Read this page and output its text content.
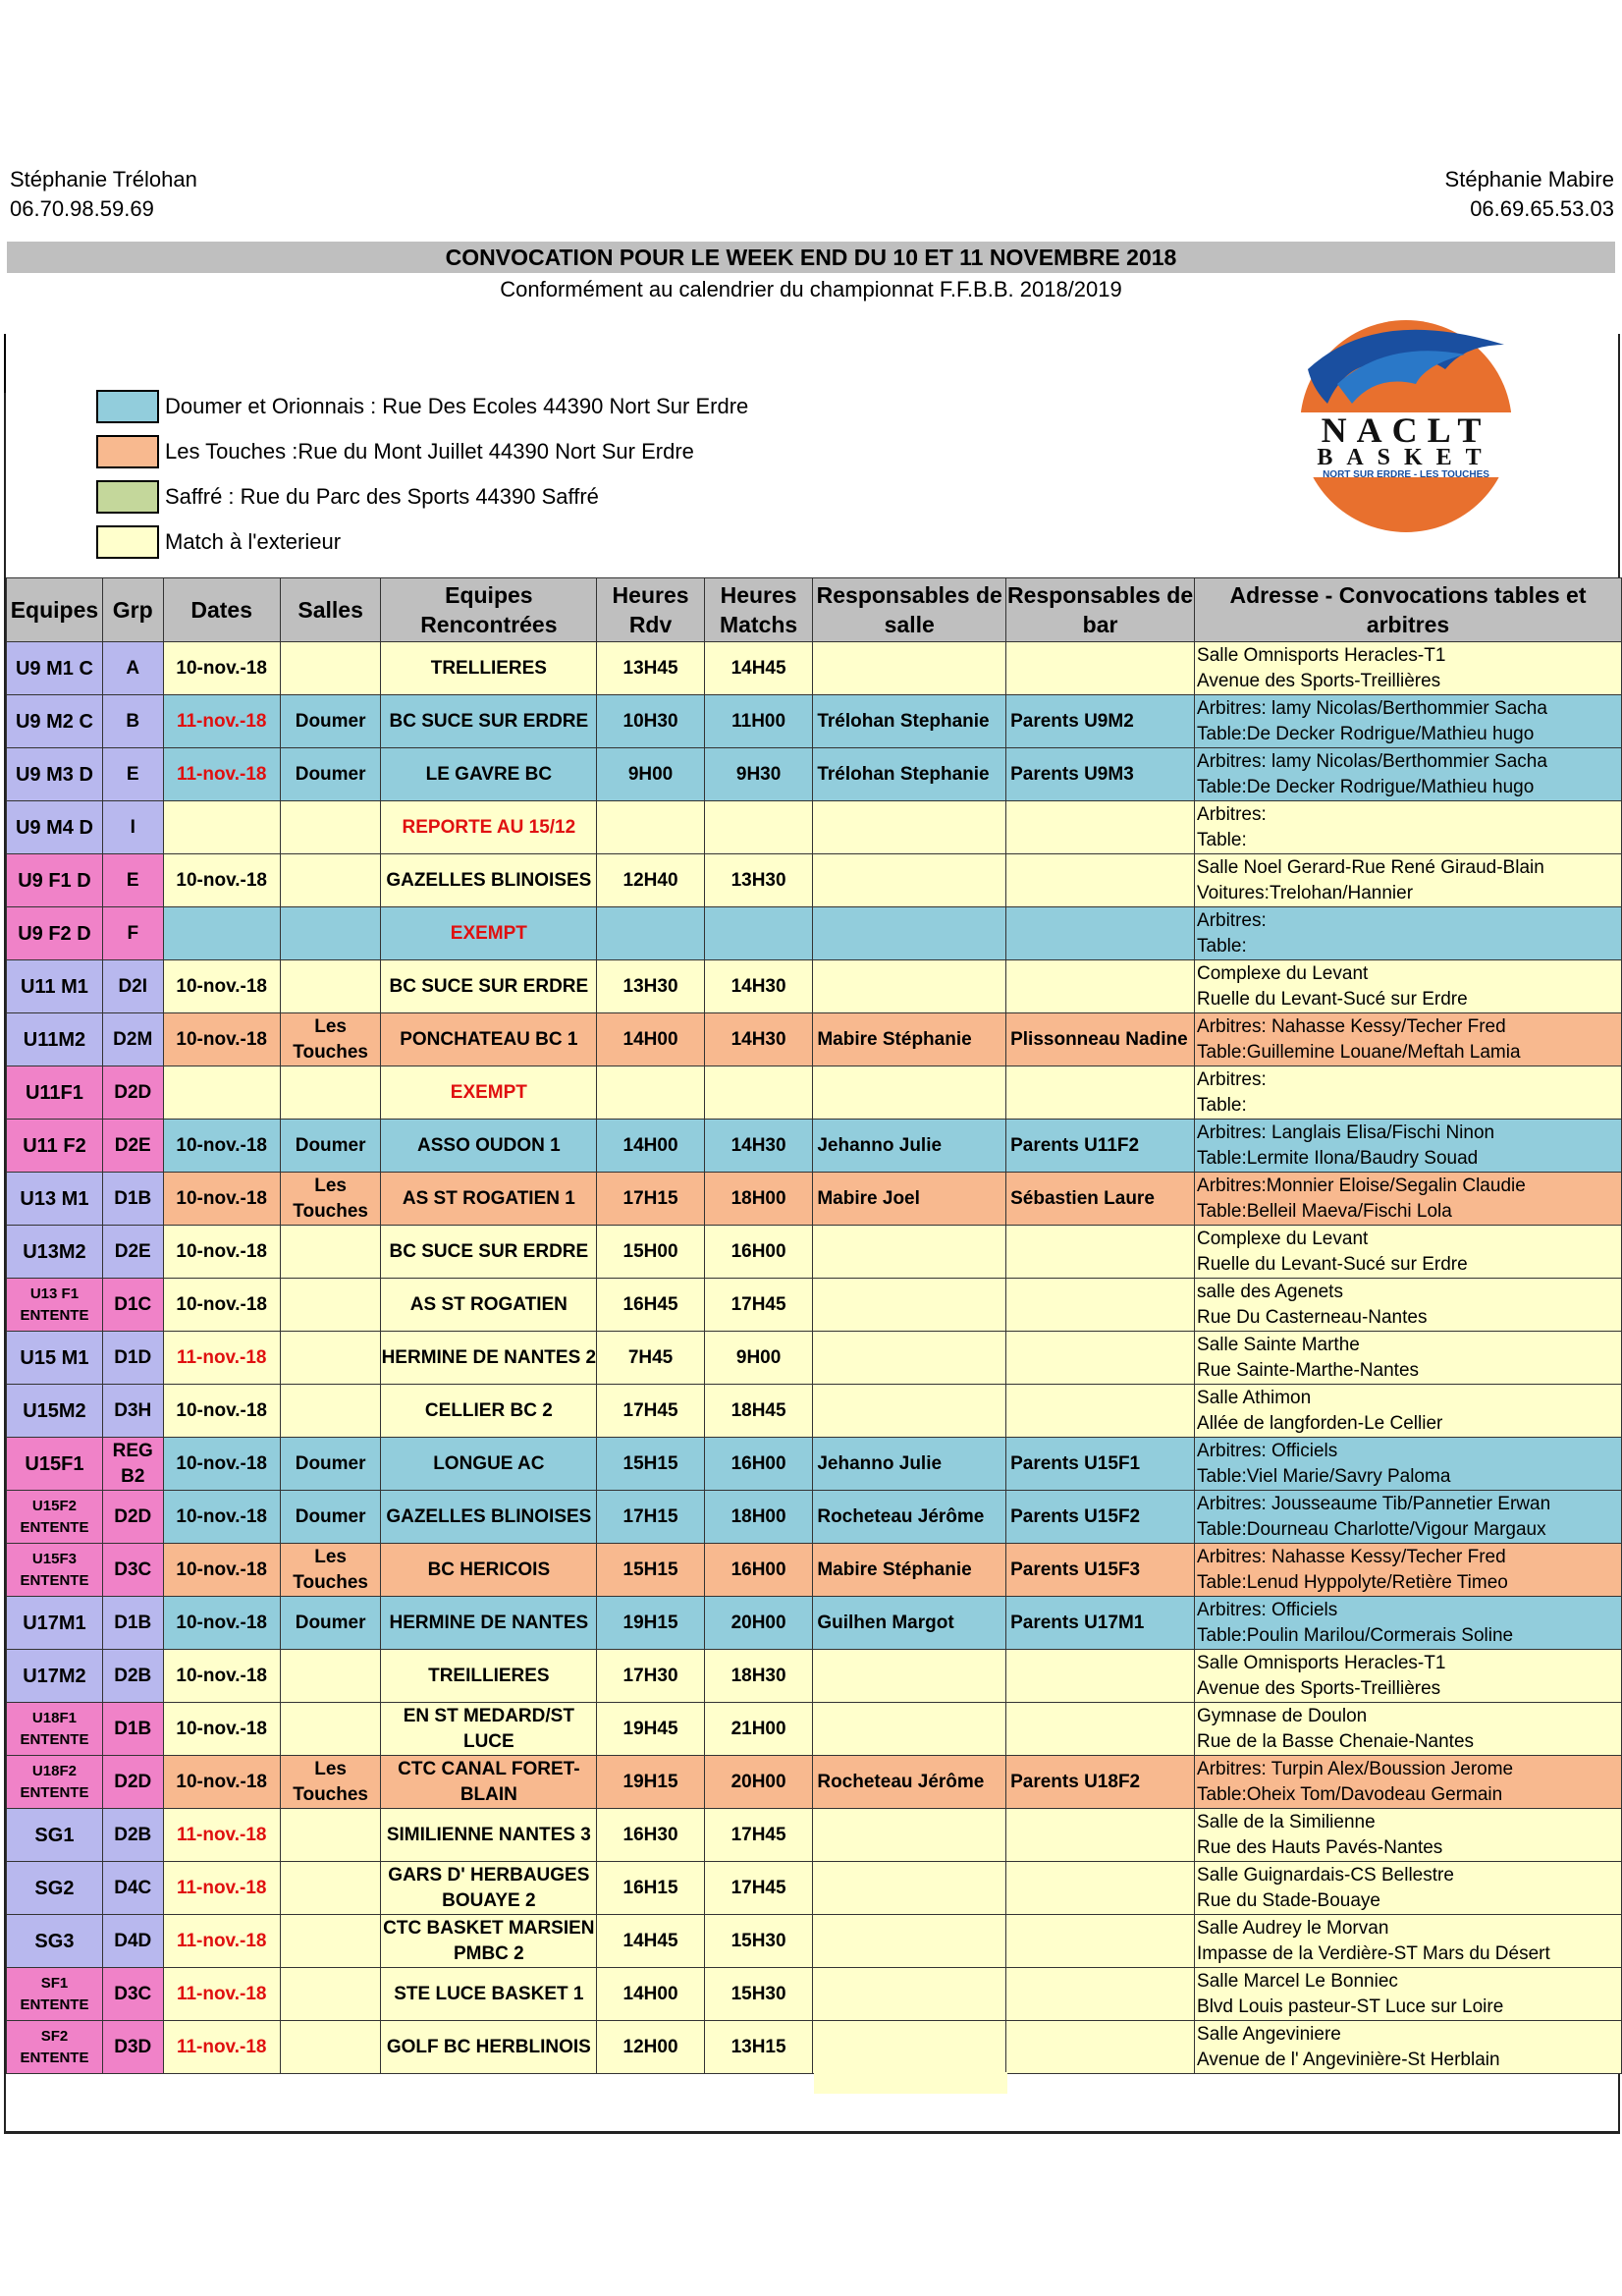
Stéphanie Trélohan
06.70.98.59.69
Stéphanie Mabire
06.69.65.53.03
CONVOCATION POUR LE WEEK END DU 10 ET 11 NOVEMBRE 2018
Conformément au calendrier du championnat F.F.B.B. 2018/2019
Doumer et Orionnais : Rue Des Ecoles 44390 Nort Sur Erdre
Les Touches :Rue du Mont Juillet 44390 Nort Sur Erdre
Saffré : Rue du Parc des Sports 44390 Saffré
Match à l'exterieur
NACLT
BASKET
NORT SUR ERDRE - LES TOUCHES
Equipes	Grp	Dates	Salles	Equipes Rencontrées	Heures Rdv	Heures Matchs	Responsables de salle	Responsables de bar	Adresse - Convocations tables et arbitres
U9 M1 C	A	10-nov.-18		TRELLIERES	13H45	14H45			Salle Omnisports Heracles-T1
Avenue des Sports-Treillières

U9 M2 C	B	11-nov.-18	Doumer	BC SUCE SUR ERDRE	10H30	11H00	Trélohan Stephanie	Parents U9M2	Arbitres: lamy Nicolas/Berthommier Sacha
Table:De Decker Rodrigue/Mathieu hugo

U9 M3 D	E	11-nov.-18	Doumer	LE GAVRE BC	9H00	9H30	Trélohan Stephanie	Parents U9M3	Arbitres: lamy Nicolas/Berthommier Sacha
Table:De Decker Rodrigue/Mathieu hugo

U9 M4 D	I			REPORTE AU 15/12					Arbitres:
Table:

U9 F1 D	E	10-nov.-18		GAZELLES BLINOISES	12H40	13H30			Salle Noel Gerard-Rue René Giraud-Blain
Voitures:Trelohan/Hannier

U9 F2 D	F			EXEMPT					Arbitres:
Table:

U11 M1	D2I	10-nov.-18		BC SUCE SUR ERDRE	13H30	14H30			Complexe du Levant
Ruelle du Levant-Sucé sur Erdre

U11M2	D2M	10-nov.-18	Les Touches	PONCHATEAU BC 1	14H00	14H30	Mabire Stéphanie	Plissonneau Nadine	Arbitres: Nahasse Kessy/Techer Fred
Table:Guillemine Louane/Meftah Lamia

U11F1	D2D			EXEMPT					Arbitres:
Table:

U11 F2	D2E	10-nov.-18	Doumer	ASSO OUDON 1	14H00	14H30	Jehanno Julie	Parents U11F2	Arbitres: Langlais Elisa/Fischi Ninon
Table:Lermite Ilona/Baudry Souad

U13 M1	D1B	10-nov.-18	Les Touches	AS ST ROGATIEN 1	17H15	18H00	Mabire Joel	Sébastien Laure	Arbitres:Monnier Eloise/Segalin Claudie
Table:Belleil Maeva/Fischi Lola

U13M2	D2E	10-nov.-18		BC SUCE SUR ERDRE	15H00	16H00			Complexe du Levant
Ruelle du Levant-Sucé sur Erdre

U13 F1 ENTENTE	D1C	10-nov.-18		AS ST ROGATIEN	16H45	17H45			salle des Agenets
Rue Du Casterneau-Nantes

U15 M1	D1D	11-nov.-18		HERMINE DE NANTES 2	7H45	9H00			Salle Sainte Marthe
Rue Sainte-Marthe-Nantes

U15M2	D3H	10-nov.-18		CELLIER BC 2	17H45	18H45			Salle Athimon
Allée de langforden-Le Cellier

U15F1	REG B2	10-nov.-18	Doumer	LONGUE AC	15H15	16H00	Jehanno Julie	Parents U15F1	Arbitres: Officiels
Table:Viel Marie/Savry Paloma

U15F2 ENTENTE	D2D	10-nov.-18	Doumer	GAZELLES BLINOISES	17H15	18H00	Rocheteau Jérôme	Parents U15F2	Arbitres: Jousseaume Tib/Pannetier Erwan
Table:Dourneau Charlotte/Vigour Margaux

U15F3 ENTENTE	D3C	10-nov.-18	Les Touches	BC HERICOIS	15H15	16H00	Mabire Stéphanie	Parents U15F3	Arbitres: Nahasse Kessy/Techer Fred
Table:Lenud Hyppolyte/Retière Timeo

U17M1	D1B	10-nov.-18	Doumer	HERMINE DE NANTES	19H15	20H00	Guilhen Margot	Parents U17M1	Arbitres: Officiels
Table:Poulin Marilou/Cormerais Soline

U17M2	D2B	10-nov.-18		TREILLIERES	17H30	18H30			Salle Omnisports Heracles-T1
Avenue des Sports-Treillières

U18F1 ENTENTE	D1B	10-nov.-18		EN ST MEDARD/ST LUCE	19H45	21H00			Gymnase de Doulon
Rue de la Basse Chenaie-Nantes

U18F2 ENTENTE	D2D	10-nov.-18	Les Touches	CTC CANAL FORET-BLAIN	19H15	20H00	Rocheteau Jérôme	Parents U18F2	Arbitres: Turpin Alex/Boussion Jerome
Table:Oheix Tom/Davodeau Germain

SG1	D2B	11-nov.-18		SIMILIENNE NANTES 3	16H30	17H45			Salle de la Similienne
Rue des Hauts Pavés-Nantes

SG2	D4C	11-nov.-18		GARS D' HERBAUGES BOUAYE 2	16H15	17H45			Salle Guignardais-CS Bellestre
Rue du Stade-Bouaye

SG3	D4D	11-nov.-18		CTC BASKET MARSIEN PMBC 2	14H45	15H30			Salle Audrey le Morvan
Impasse de la Verdière-ST Mars du Désert

SF1 ENTENTE	D3C	11-nov.-18		STE LUCE BASKET 1	14H00	15H30			Salle Marcel Le Bonniec
Blvd Louis pasteur-ST Luce sur Loire

SF2 ENTENTE	D3D	11-nov.-18		GOLF BC HERBLINOIS	12H00	13H15			Salle Angeviniere
Avenue de l' Angevinière-St Herblain
